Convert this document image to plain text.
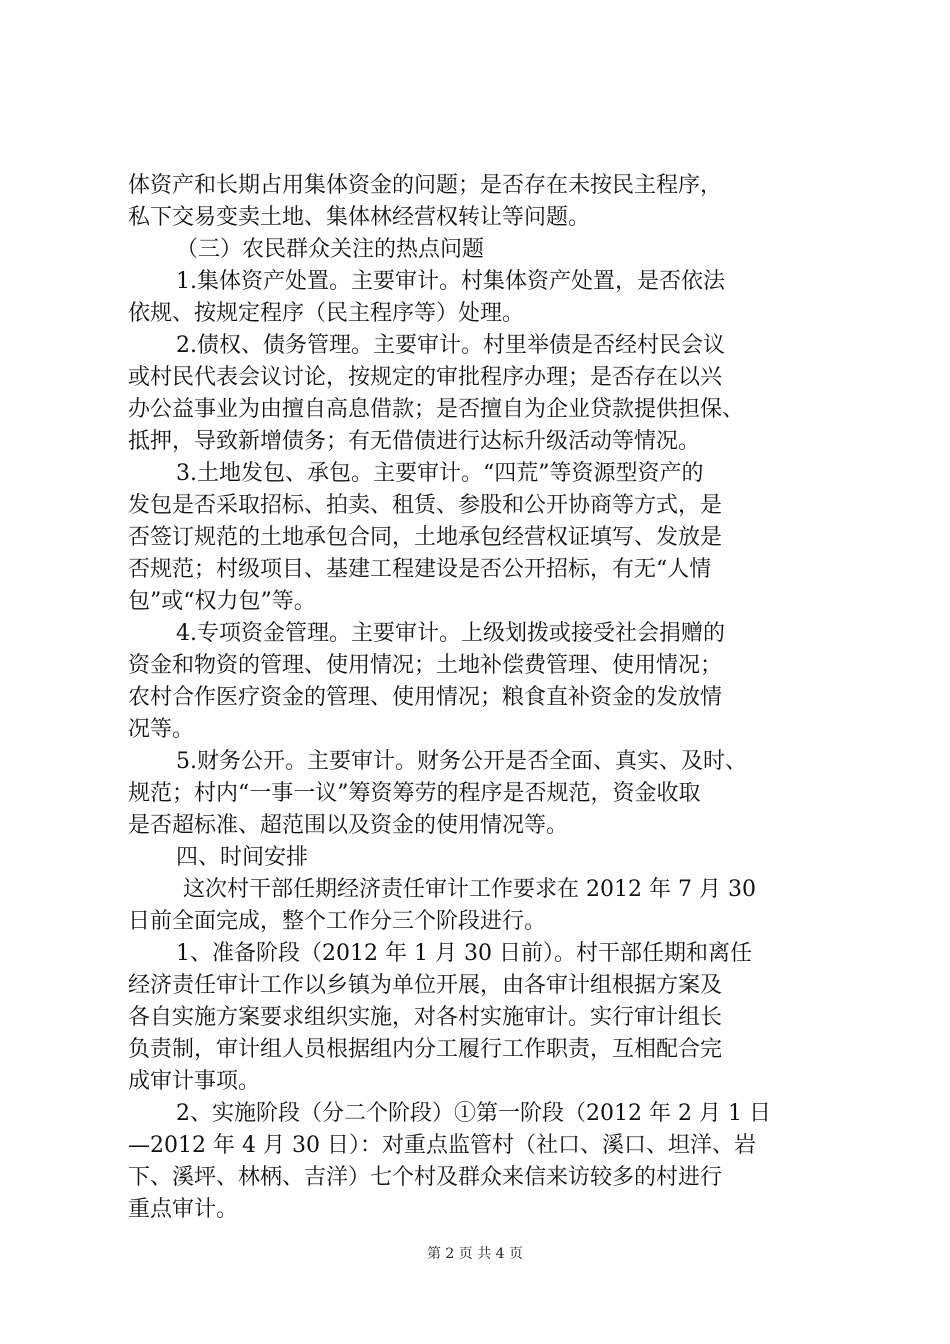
体资产和长期占用集体资金的问题；是否存在未按民主程序，
私下交易变卖土地、集体林经营权转让等问题。
（三）农民群众关注的热点问题
1.集体资产处置。主要审计。村集体资产处置，是否依法
依规、按规定程序（民主程序等）处理。
2.债权、债务管理。主要审计。村里举债是否经村民会议
或村民代表会议讨论，按规定的审批程序办理；是否存在以兴
办公益事业为由擅自高息借款；是否擅自为企业贷款提供担保、
抵押，导致新增债务；有无借债进行达标升级活动等情况。
3.土地发包、承包。主要审计。“四荒”等资源型资产的
发包是否采取招标、拍卖、租赁、参股和公开协商等方式，是
否签订规范的土地承包合同，土地承包经营权证填写、发放是
否规范；村级项目、基建工程建设是否公开招标，有无“人情
包”或“权力包”等。
4.专项资金管理。主要审计。上级划拨或接受社会捐赠的
资金和物资的管理、使用情况；土地补偿费管理、使用情况；
农村合作医疗资金的管理、使用情况；粮食直补资金的发放情
况等。
5.财务公开。主要审计。财务公开是否全面、真实、及时、
规范；村内“一事一议”筹资筹劳的程序是否规范，资金收取
是否超标准、超范围以及资金的使用情况等。
四、时间安排
这次村干部任期经济责任审计工作要求在 2012 年 7 月 30
日前全面完成，整个工作分三个阶段进行。
1、准备阶段（2012 年 1 月 30 日前）。村干部任期和离任
经济责任审计工作以乡镇为单位开展，由各审计组根据方案及
各自实施方案要求组织实施，对各村实施审计。实行审计组长
负责制，审计组人员根据组内分工履行工作职责，互相配合完
成审计事项。
2、实施阶段（分二个阶段）①第一阶段（2012 年 2 月 1 日
—2012 年 4 月 30 日）：对重点监管村（社口、溪口、坦洋、岩
下、溪坪、林柄、吉洋）七个村及群众来信来访较多的村进行
重点审计。
第 2 页 共 4 页
